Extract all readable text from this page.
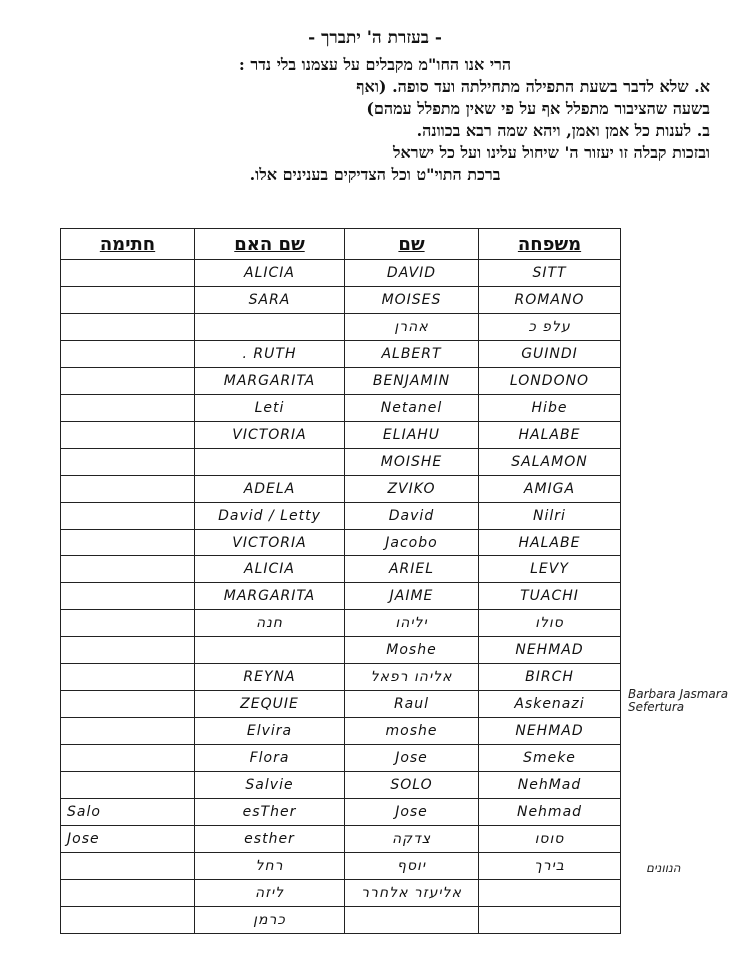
- בעזרת ה' יתברך -

הרי אנו החו"מ מקבלים על עצמנו בלי נדר :

א. שלא לדבר בשעת התפילה מתחילתה ועד סופה. (ואף

בשעה שהציבור מתפלל אף על פי שאין מתפלל עמהם)

ב. לענות כל אמן ואמן, ויהא שמה רבא בכוונה.

ובזכות קבלה זו יעזור ה' שיחול עלינו ועל כל ישראל

ברכת התוי"ט וכל הצדיקים בענינים אלו.

משפחה	שם	שם האם	חתימה
SITT	DAVID	ALICIA	
ROMANO	MOISES	SARA	
עלפ כ	אהרן		
GUINDI	ALBERT	RUTH .	
LONDONO	BENJAMIN	MARGARITA	
Hibe	Netanel	Leti	
HALABE	ELIAHU	VICTORIA	
SALAMON	MOISHE		
AMIGA	ZVIKO	ADELA	
Nilri	David	David / Letty	
HALABE	Jacobo	VICTORIA	
LEVY	ARIEL	ALICIA	
TUACHI	JAIME	MARGARITA	
סולו	יליהו	חנה	
NEHMAD	Moshe		
BIRCH	אליהו רפאל	REYNA	
Askenazi	Raul	ZEQUIE	
NEHMAD	moshe	Elvira	
Smeke	Jose	Flora	
NehMad	SOLO	Salvie	
Nehmad	Jose	esTher	Salo
סוסו	צדקה	esther	Jose
בירך	יוסף	רחל	
	אליעזר אלחרר	ליזה	
		כרמן	
Barbara Jasmara Sefertura
הנוונים
